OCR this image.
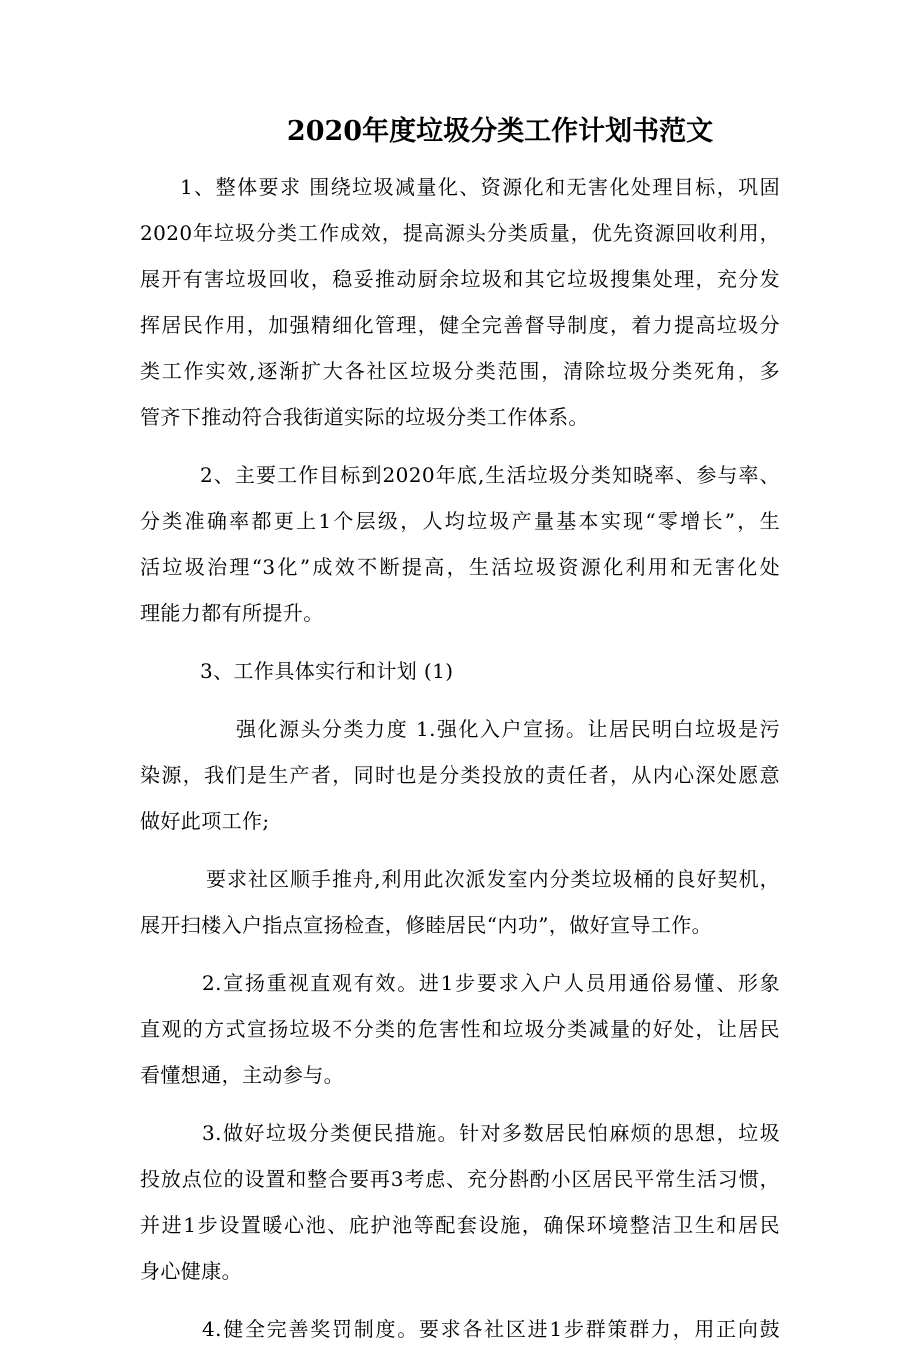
2020年度垃圾分类工作计划书范文
1、整体要求 围绕垃圾减量化、资源化和无害化处理目标，巩固
2020年垃圾分类工作成效，提高源头分类质量，优先资源回收利用，
展开有害垃圾回收，稳妥推动厨余垃圾和其它垃圾搜集处理，充分发
挥居民作用，加强精细化管理，健全完善督导制度，着力提高垃圾分
类工作实效,逐渐扩大各社区垃圾分类范围，清除垃圾分类死角，多
管齐下推动符合我街道实际的垃圾分类工作体系。
2、主要工作目标到2020年底,生活垃圾分类知晓率、参与率、
分类准确率都更上1个层级，人均垃圾产量基本实现“零增长”，生
活垃圾治理“3化”成效不断提高，生活垃圾资源化利用和无害化处
理能力都有所提升。
3、工作具体实行和计划 (1)
强化源头分类力度 1.强化入户宣扬。让居民明白垃圾是污
染源，我们是生产者，同时也是分类投放的责任者，从内心深处愿意
做好此项工作;
要求社区顺手推舟,利用此次派发室内分类垃圾桶的良好契机，
展开扫楼入户指点宣扬检查，修睦居民“内功”，做好宣导工作。
2.宣扬重视直观有效。进1步要求入户人员用通俗易懂、形象
直观的方式宣扬垃圾不分类的危害性和垃圾分类减量的好处，让居民
看懂想通，主动参与。
3.做好垃圾分类便民措施。针对多数居民怕麻烦的思想，垃圾
投放点位的设置和整合要再3考虑、充分斟酌小区居民平常生活习惯，
并进1步设置暖心池、庇护池等配套设施，确保环境整洁卫生和居民
身心健康。
4.健全完善奖罚制度。要求各社区进1步群策群力，用正向鼓
